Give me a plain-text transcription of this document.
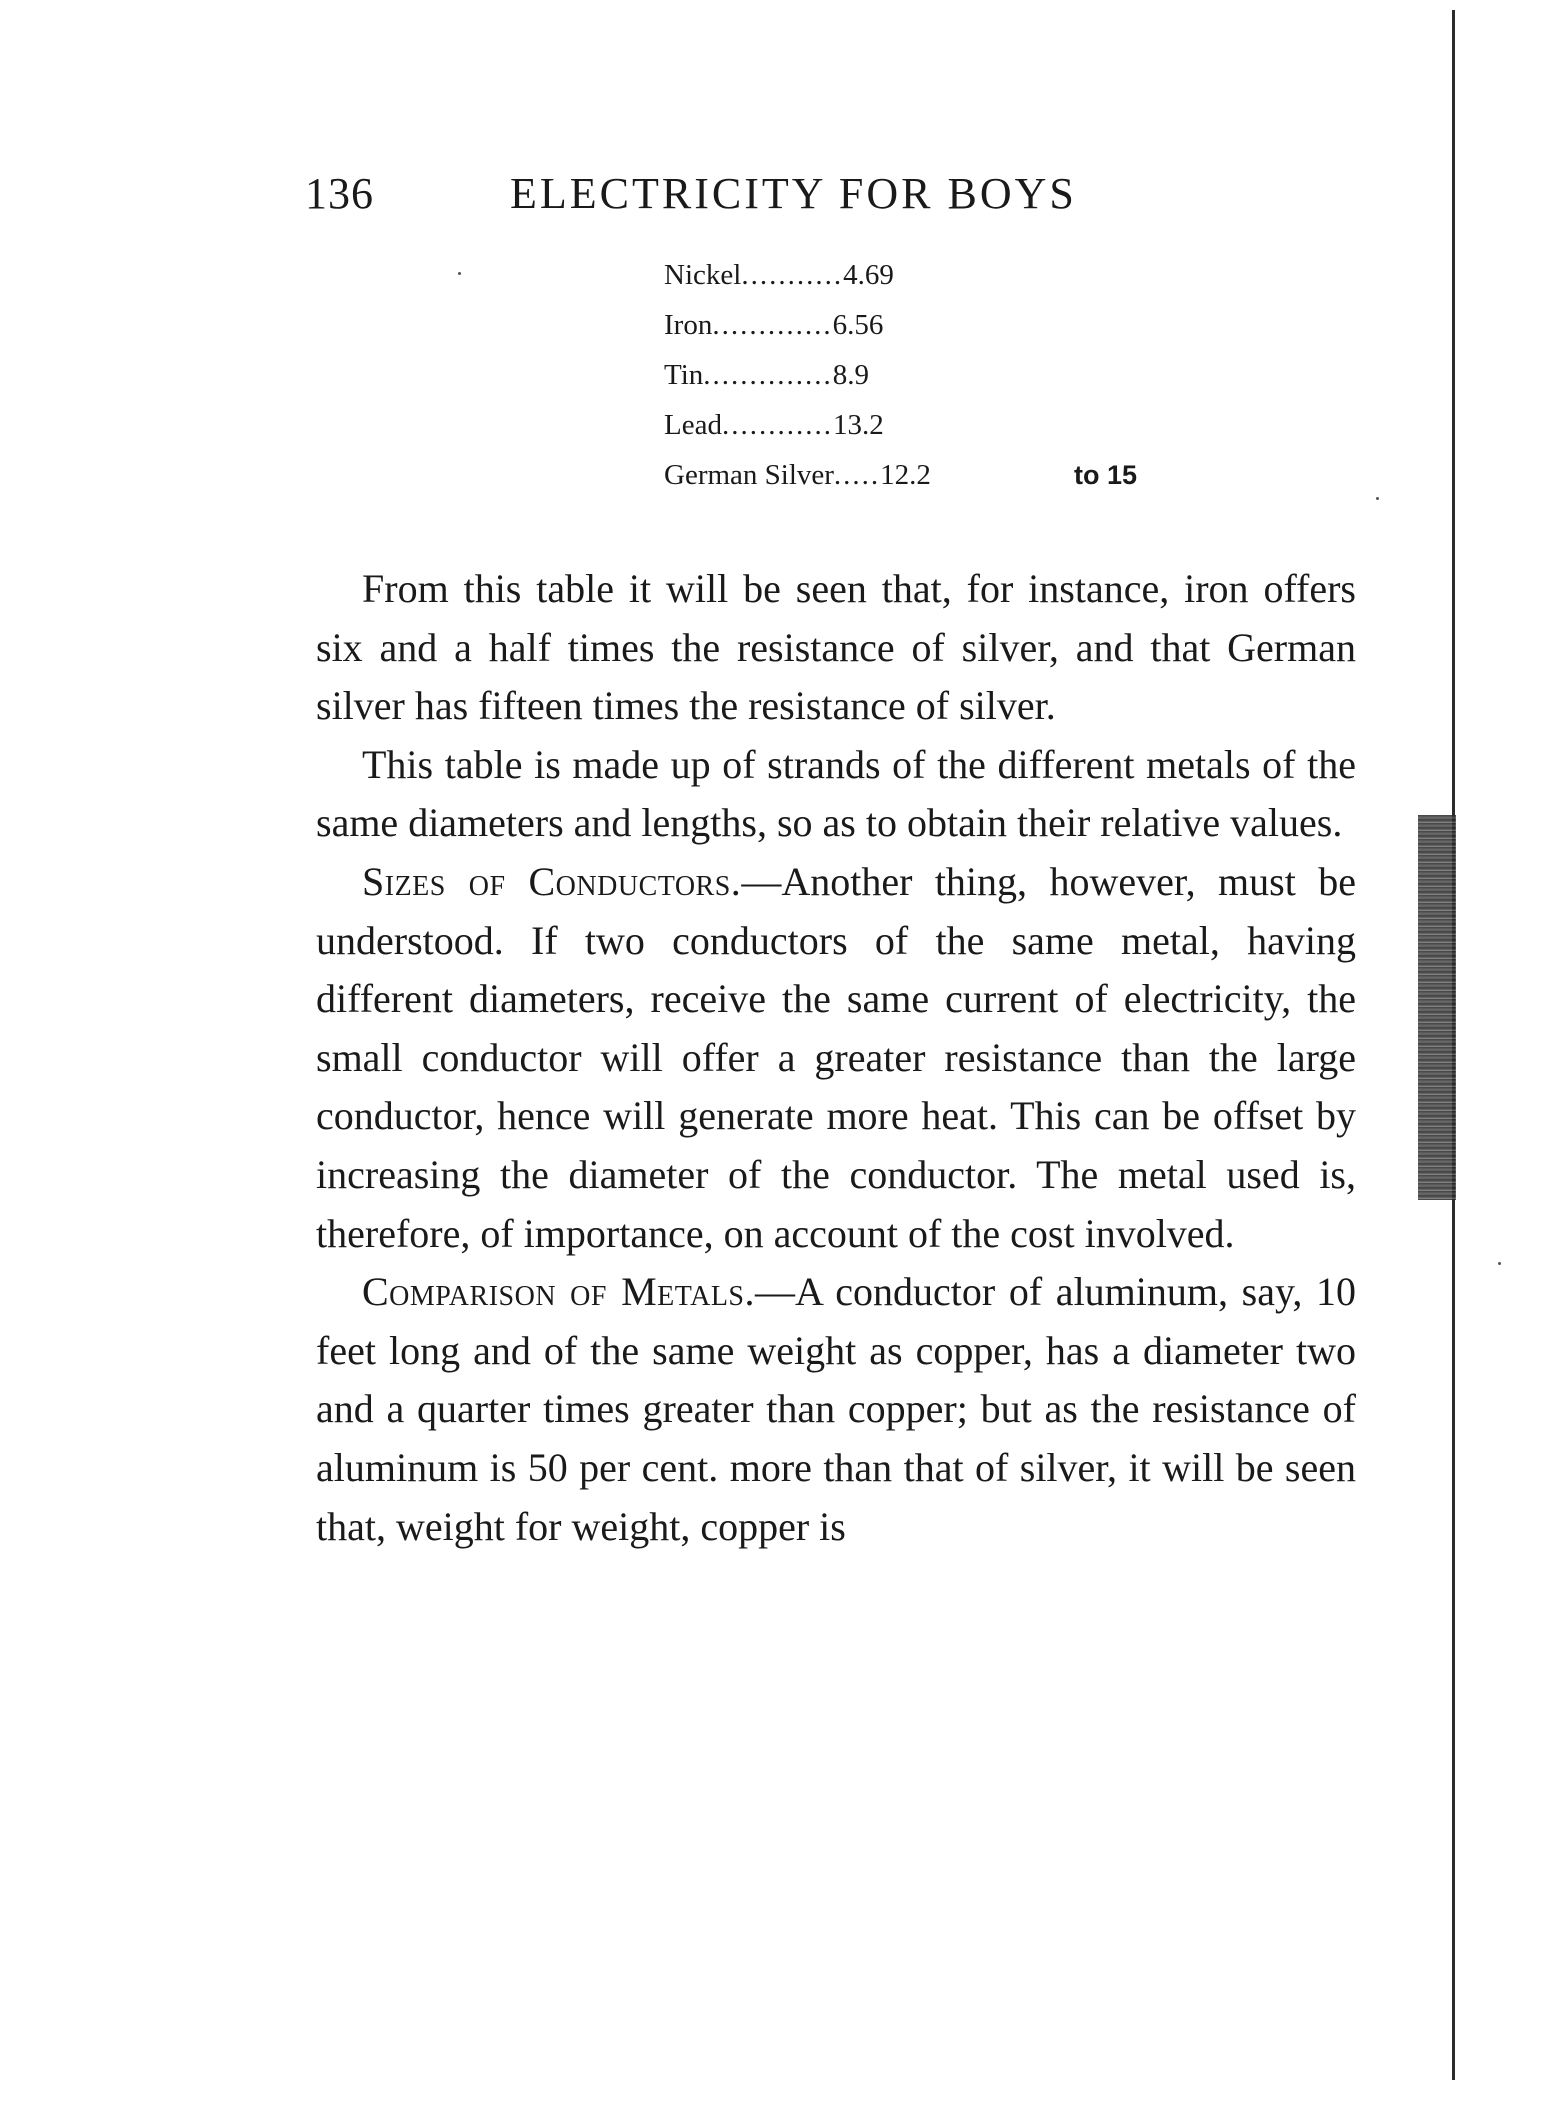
136	ELECTRICITY FOR BOYS
Nickel...........4.69
Iron.............6.56
Tin..............8.9
Lead............13.2
German Silver.....12.2	to 15

From this table it will be seen that, for instance, iron offers six and a half times the resistance of silver, and that German silver has fifteen times the resistance of silver.

This table is made up of strands of the different metals of the same diameters and lengths, so as to obtain their relative values.

Sizes of Conductors.—Another thing, however, must be understood. If two conductors of the same metal, having different diameters, receive the same current of electricity, the small conductor will offer a greater resistance than the large conductor, hence will generate more heat. This can be offset by increasing the diameter of the conductor. The metal used is, therefore, of importance, on account of the cost involved.

Comparison of Metals.—A conductor of aluminum, say, 10 feet long and of the same weight as copper, has a diameter two and a quarter times greater than copper; but as the resistance of aluminum is 50 per cent. more than that of silver, it will be seen that, weight for weight, copper is
